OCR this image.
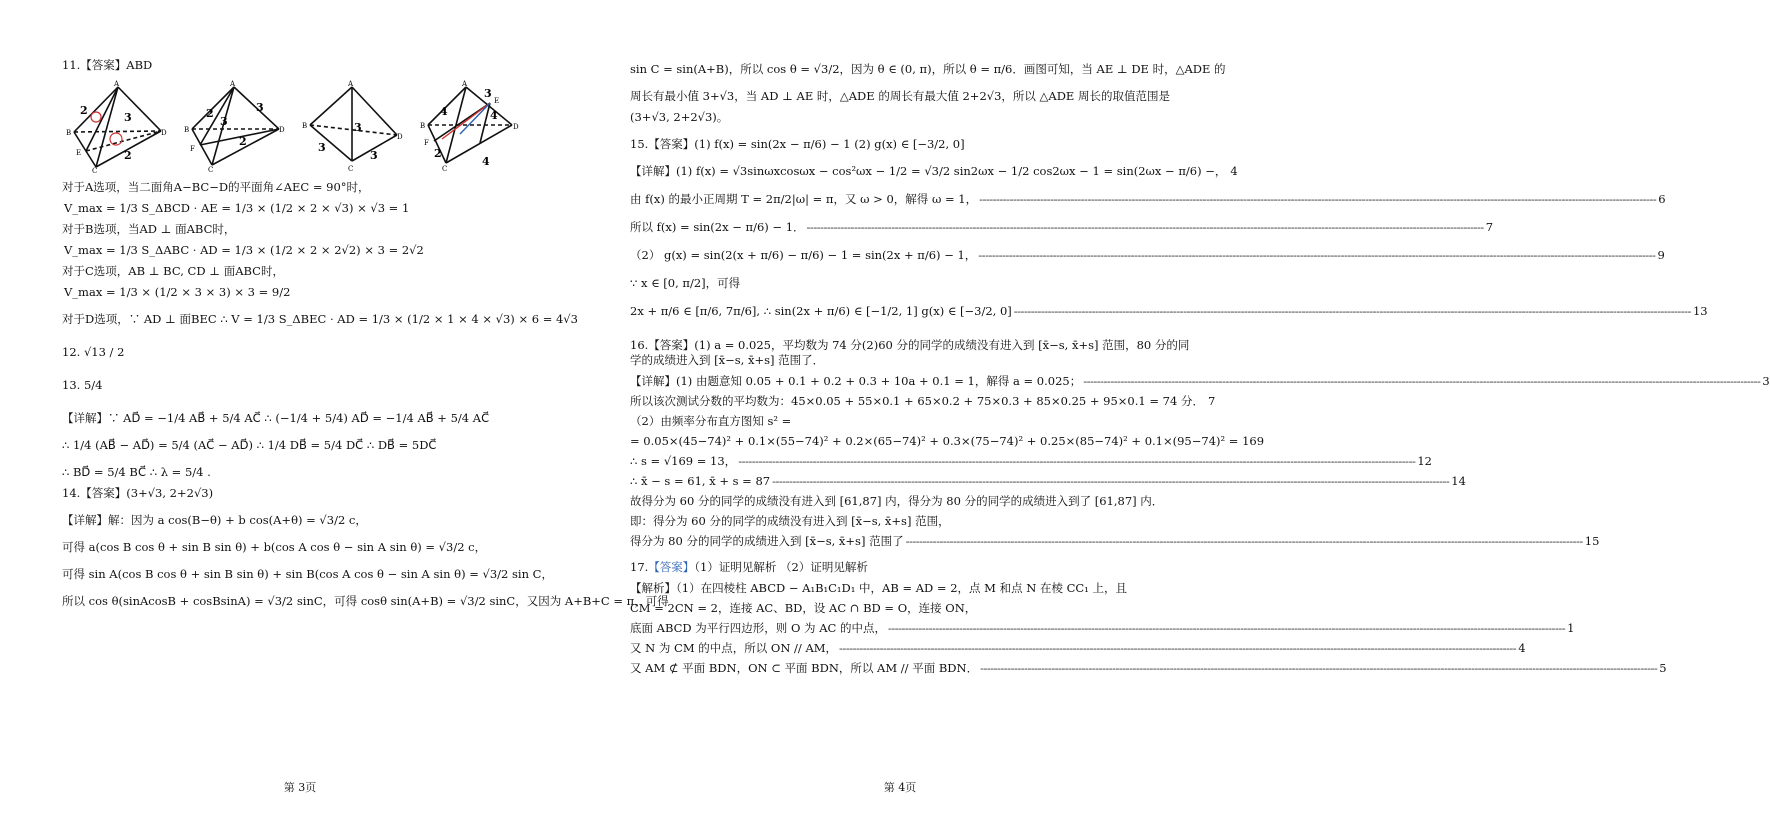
11.【答案】ABD

A
B	D
E
C
2
3
2
A
B	D
F
C
2
3
2
3
A
B
D
C
3
3
3
A
B	D
E
F
C
4
3
4
2
4

对于A选项，当二面角A−BC−D的平面角∠AEC = 90°时，

V_max = 1/3 S_ΔBCD · AE = 1/3 × (1/2 × 2 × √3) × √3 = 1

对于B选项，当AD ⊥ 面ABC时，

V_max = 1/3 S_ΔABC · AD = 1/3 × (1/2 × 2 × 2√2) × 3 = 2√2

对于C选项，AB ⊥ BC, CD ⊥ 面ABC时，

V_max = 1/3 × (1/2 × 3 × 3) × 3 = 9/2

对于D选项，∵ AD ⊥ 面BEC ∴ V = 1/3 S_ΔBEC · AD = 1/3 × (1/2 × 1 × 4 × √3) × 6 = 4√3

12. √13 / 2

13. 5/4

【详解】∵ AD⃗ = −1/4 AB⃗ + 5/4 AC⃗ ∴ (−1/4 + 5/4) AD⃗ = −1/4 AB⃗ + 5/4 AC⃗

∴ 1/4 (AB⃗ − AD⃗) = 5/4 (AC⃗ − AD⃗) ∴ 1/4 DB⃗ = 5/4 DC⃗ ∴ DB⃗ = 5DC⃗

∴ BD⃗ = 5/4 BC⃗ ∴ λ = 5/4 .

14.【答案】(3+√3, 2+2√3)

【详解】解：因为 a cos(B−θ) + b cos(A+θ) = √3/2 c，

可得 a(cos B cos θ + sin B sin θ) + b(cos A cos θ − sin A sin θ) = √3/2 c，

可得 sin A(cos B cos θ + sin B sin θ) + sin B(cos A cos θ − sin A sin θ) = √3/2 sin C，

所以 cos θ(sinAcosB + cosBsinA) = √3/2 sinC，可得 cosθ sin(A+B) = √3/2 sinC，又因为 A+B+C = π，可得

第 3页

sin C = sin(A+B)，所以 cos θ = √3/2，因为 θ ∈ (0, π)，所以 θ = π/6．画图可知，当 AE ⊥ DE 时，△ADE 的

周长有最小值 3+√3，当 AD ⊥ AE 时，△ADE 的周长有最大值 2+2√3，所以 △ADE 周长的取值范围是

(3+√3, 2+2√3)。

15.【答案】(1) f(x) = sin(2x − π/6) − 1 (2) g(x) ∈ [−3/2, 0]

【详解】(1) f(x) = √3sinωxcosωx − cos²ωx − 1/2 = √3/2 sin2ωx − 1/2 cos2ωx − 1 = sin(2ωx − π/6) −， 4

由 f(x) 的最小正周期 T = 2π/2|ω| = π，又 ω > 0，解得 ω = 1， -------------------------------------------------------------------------------------------------------------------------------------------------------------------------------------------------------- 6

所以 f(x) = sin(2x − π/6) − 1． -------------------------------------------------------------------------------------------------------------------------------------------------------------------------------------------------------- 7

（2） g(x) = sin(2(x + π/6) − π/6) − 1 = sin(2x + π/6) − 1， -------------------------------------------------------------------------------------------------------------------------------------------------------------------------------------------------------- 9

∵ x ∈ [0, π/2]，可得

2x + π/6 ∈ [π/6, 7π/6], ∴ sin(2x + π/6) ∈ [−1/2, 1] g(x) ∈ [−3/2, 0] -------------------------------------------------------------------------------------------------------------------------------------------------------------------------------------------------------- 13

16.【答案】(1) a = 0.025，平均数为 74 分(2)60 分的同学的成绩没有进入到 [x̄−s, x̄+s] 范围，80 分的同

学的成绩进入到 [x̄−s, x̄+s] 范围了．

【详解】(1) 由题意知 0.05 + 0.1 + 0.2 + 0.3 + 10a + 0.1 = 1，解得 a = 0.025； -------------------------------------------------------------------------------------------------------------------------------------------------------------------------------------------------------- 3

所以该次测试分数的平均数为：45×0.05 + 55×0.1 + 65×0.2 + 75×0.3 + 85×0.25 + 95×0.1 = 74 分． 7

（2）由频率分布直方图知 s² =

= 0.05×(45−74)² + 0.1×(55−74)² + 0.2×(65−74)² + 0.3×(75−74)² + 0.25×(85−74)² + 0.1×(95−74)² = 169

∴ s = √169 = 13， -------------------------------------------------------------------------------------------------------------------------------------------------------------------------------------------------------- 12

∴ x̄ − s = 61, x̄ + s = 87 -------------------------------------------------------------------------------------------------------------------------------------------------------------------------------------------------------- 14

故得分为 60 分的同学的成绩没有进入到 [61,87] 内，得分为 80 分的同学的成绩进入到了 [61,87] 内．

即：得分为 60 分的同学的成绩没有进入到 [x̄−s, x̄+s] 范围，

得分为 80 分的同学的成绩进入到 [x̄−s, x̄+s] 范围了 -------------------------------------------------------------------------------------------------------------------------------------------------------------------------------------------------------- 15

17.【答案】（1）证明见解析 （2）证明见解析

【解析】（1）在四棱柱 ABCD − A₁B₁C₁D₁ 中，AB = AD = 2，点 M 和点 N 在棱 CC₁ 上，且

CM = 2CN = 2，连接 AC、BD，设 AC ∩ BD = O，连接 ON，

底面 ABCD 为平行四边形，则 O 为 AC 的中点， -------------------------------------------------------------------------------------------------------------------------------------------------------------------------------------------------------- 1

又 N 为 CM 的中点，所以 ON // AM， -------------------------------------------------------------------------------------------------------------------------------------------------------------------------------------------------------- 4

又 AM ⊄ 平面 BDN，ON ⊂ 平面 BDN，所以 AM // 平面 BDN． -------------------------------------------------------------------------------------------------------------------------------------------------------------------------------------------------------- 5

第 4页
